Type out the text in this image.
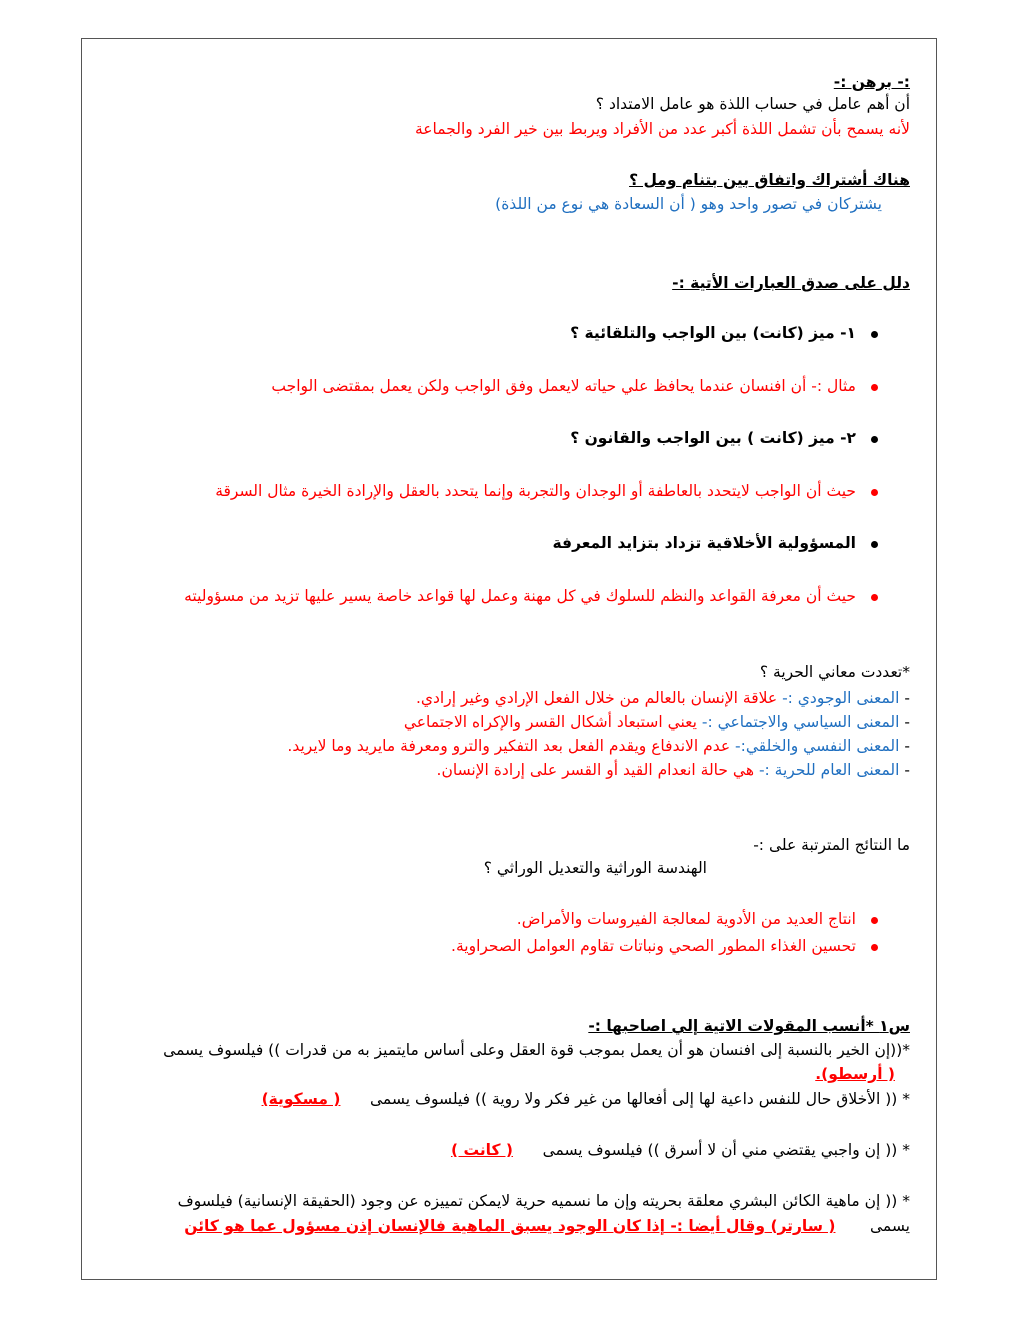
:- برهن :-

أن أهم عامل في حساب اللذة هو عامل الامتداد ؟

لأنه يسمح بأن تشمل اللذة أكبر عدد من الأفراد ويربط بين خير الفرد والجماعة

هناك أشتراك واتفاق بين بتنام ومل ؟

يشتركان في تصور واحد وهو ( أن السعادة هي نوع من اللذة)

دلل على صدق العبارات الأتية :-

١- ميز (كانت) بين الواجب والتلقائية ؟

مثال :- أن افنسان عندما يحافظ علي حياته لايعمل وفق الواجب ولكن يعمل بمقتضى الواجب

٢- ميز (كانت ) بين الواجب والقانون ؟

حيث أن الواجب لايتحدد بالعاطفة أو الوجدان والتجربة وإنما يتحدد بالعقل والإرادة الخيرة مثال السرقة

المسؤولية الأخلاقية تزداد بتزايد المعرفة

حيث أن معرفة القواعد والنظم للسلوك في كل مهنة وعمل لها قواعد خاصة يسير عليها تزيد من مسؤوليته

*تعددت معاني الحرية ؟

- المعنى الوجودي :- علاقة الإنسان بالعالم من خلال الفعل الإرادي وغير إرادي.

- المعنى السياسي والاجتماعي :- يعني استبعاد أشكال القسر والإكراه الاجتماعي

- المعنى النفسي والخلقي:- عدم الاندفاع ويقدم الفعل بعد التفكير والترو ومعرفة مايريد وما لايريد.

- المعنى العام للحرية :- هي حالة انعدام القيد أو القسر على إرادة الإنسان.

ما النتائج المترتبة على :-

الهندسة الوراثية والتعديل الوراثي ؟

انتاج العديد من الأدوية لمعالجة الفيروسات والأمراض.

تحسين الغذاء المطور الصحي ونباتات تقاوم العوامل الصحراوية.

س١ *أنسب المقولات الاتية إلي اصاحبها :-

*((إن الخير بالنسبة إلى افنسان هو أن يعمل بموجب قوة العقل وعلى أساس مايتميز به من قدرات )) فيلسوف يسمى

( أرسطو).

* (( الأخلاق حال للنفس داعية لها إلى أفعالها من غير فكر ولا روية )) فيلسوف يسمى      ( مسكوية)

* (( إن واجبي يقتضي مني أن لا أسرق )) فيلسوف يسمى      ( كانت )

* (( إن ماهية الكائن البشري معلقة بحريته وإن ما نسميه حرية لايمكن تمييزه عن وجود (الحقيقة الإنسانية) فيلسوف

يسمى       ( سارتر) وقال أيضا :- إذا كان الوجود يسبق الماهية فالإنسان إذن مسؤول عما هو كائن
